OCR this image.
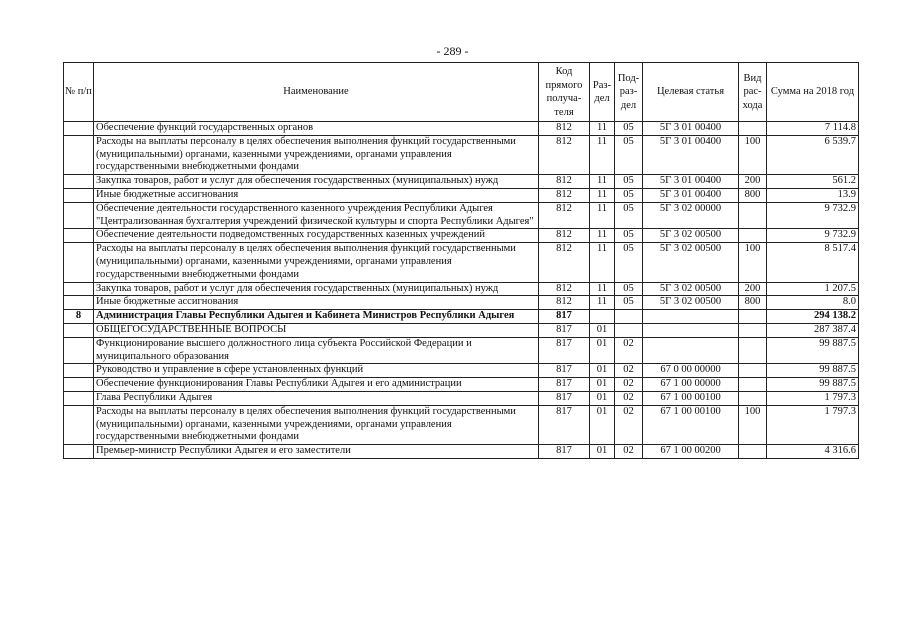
- 289 -
№ п/п	Наименование	Код прямого получа-теля	Раз-дел	Под-раз-дел	Целевая статья	Вид рас-хода	Сумма на 2018 год
	Обеспечение функций государственных органов	812	11	05	5Г 3 01 00400		7 114.8
	Расходы на выплаты персоналу в целях обеспечения выполнения функций государственными (муниципальными) органами, казенными учреждениями, органами управления государственными внебюджетными фондами	812	11	05	5Г 3 01 00400	100	6 539.7
	Закупка товаров, работ и услуг для обеспечения государственных (муниципальных) нужд	812	11	05	5Г 3 01 00400	200	561.2
	Иные бюджетные ассигнования	812	11	05	5Г 3 01 00400	800	13.9
	Обеспечение деятельности государственного казенного учреждения Республики Адыгея "Централизованная бухгалтерия учреждений физической культуры и спорта Республики Адыгея"	812	11	05	5Г 3 02 00000		9 732.9
	Обеспечение деятельности подведомственных государственных казенных учреждений	812	11	05	5Г 3 02 00500		9 732.9
	Расходы на выплаты персоналу в целях обеспечения выполнения функций государственными (муниципальными) органами, казенными учреждениями, органами управления государственными внебюджетными фондами	812	11	05	5Г 3 02 00500	100	8 517.4
	Закупка товаров, работ и услуг для обеспечения государственных (муниципальных) нужд	812	11	05	5Г 3 02 00500	200	1 207.5
	Иные бюджетные ассигнования	812	11	05	5Г 3 02 00500	800	8.0
8	Администрация Главы Республики Адыгея и Кабинета Министров Республики Адыгея	817					294 138.2
	ОБЩЕГОСУДАРСТВЕННЫЕ ВОПРОСЫ	817	01				287 387.4
	Функционирование высшего должностного лица субъекта Российской Федерации и муниципального образования	817	01	02			99 887.5
	Руководство и управление в сфере установленных функций	817	01	02	67 0 00 00000		99 887.5
	Обеспечение функционирования Главы Республики Адыгея и его администрации	817	01	02	67 1 00 00000		99 887.5
	Глава Республики Адыгея	817	01	02	67 1 00 00100		1 797.3
	Расходы на выплаты персоналу в целях обеспечения выполнения функций государственными (муниципальными) органами, казенными учреждениями, органами управления государственными внебюджетными фондами	817	01	02	67 1 00 00100	100	1 797.3
	Премьер-министр Республики Адыгея и его заместители	817	01	02	67 1 00 00200		4 316.6
